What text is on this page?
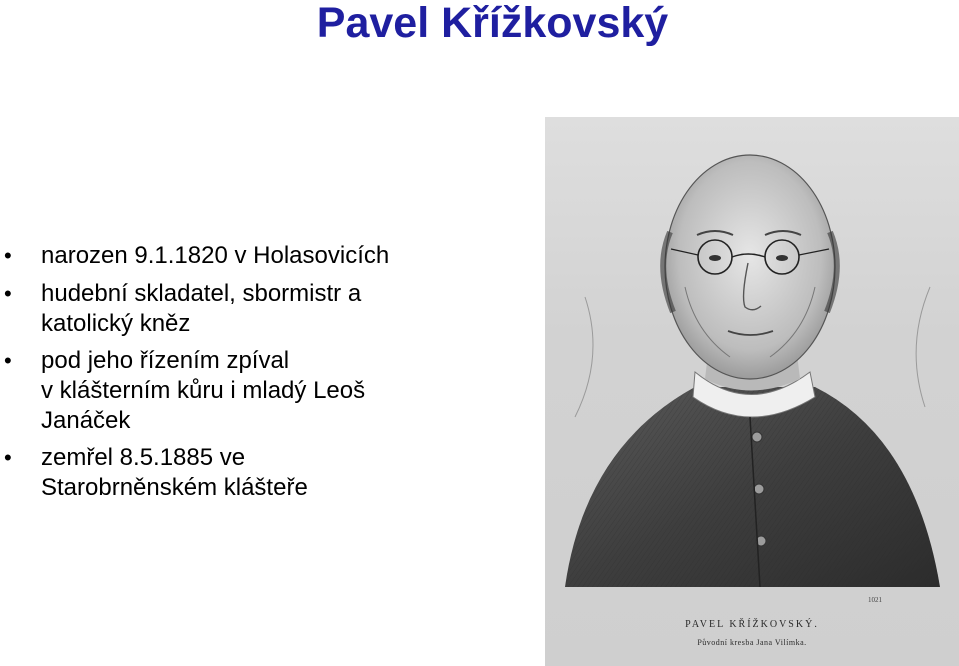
Pavel Křížkovský
• narozen 9.1.1820 v Holasovicích
• hudební skladatel, sbormistr a
katolický kněz
• pod jeho řízením zpíval
v klášterním kůru i mladý Leoš
Janáček
• zemřel 8.5.1885 ve
Starobrněnském klášteře
1021
PAVEL KŘÍŽKOVSKÝ.
Původní kresba Jana Vilímka.
